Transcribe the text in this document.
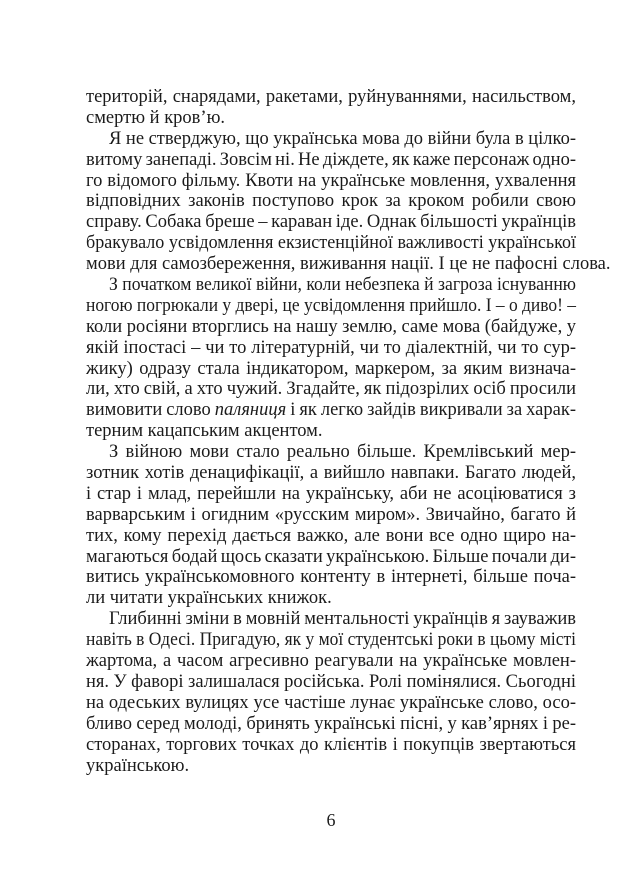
територій, снарядами, ракетами, руйнуваннями, насильством,
смертю й кров’ю.
Я не стверджую, що українська мова до війни була в цілко-
витому занепаді. Зовсім ні. Не діждете, як каже персонаж одно-
го відомого фільму. Квоти на українське мовлення, ухвалення
відповідних законів поступово крок за кроком робили свою
справу. Собака бреше – караван іде. Однак більшості українців
бракувало усвідомлення екзистенційної важливості української
мови для самозбереження, виживання нації. І це не пафосні слова.
З початком великої війни, коли небезпека й загроза існуванню
ногою погрюкали у двері, це усвідомлення прийшло. І – о диво! –
коли росіяни вторглись на нашу землю, саме мова (байдуже, у
якій іпостасі – чи то літературній, чи то діалектній, чи то сур-
жику) одразу стала індикатором, маркером, за яким визнача-
ли, хто свій, а хто чужий. Згадайте, як підозрілих осіб просили
вимовити слово паляниця і як легко зайдів викривали за харак-
терним кацапським акцентом.
З війною мови стало реально більше. Кремлівський мер-
зотник хотів денацифікації, а вийшло навпаки. Багато людей,
і стар і млад, перейшли на українську, аби не асоціюватися з
варварським і огидним «русским миром». Звичайно, багато й
тих, кому перехід дається важко, але вони все одно щиро на-
магаються бодай щось сказати українською. Більше почали ди-
витись українськомовного контенту в інтернеті, більше поча-
ли читати українських книжок.
Глибинні зміни в мовній ментальності українців я зауважив
навіть в Одесі. Пригадую, як у мої студентські роки в цьому місті
жартома, а часом агресивно реагували на українське мовлен-
ня. У фаворі залишалася російська. Ролі помінялися. Сьогодні
на одеських вулицях усе частіше лунає українське слово, осо-
бливо серед молоді, бринять українські пісні, у кав’ярнях і ре-
сторанах, торгових точках до клієнтів і покупців звертаються
українською.
6
